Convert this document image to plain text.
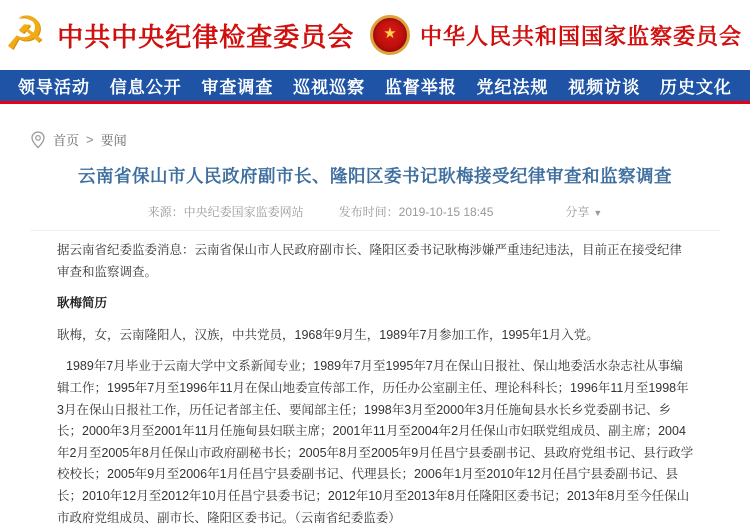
☭ 中共中央纪律检查委员会 ★ 中华人民共和国国家监察委员会
领导活动 信息公开 审查调查 巡视巡察 监督举报 党纪法规 视频访谈 历史文化
首页 > 要闻
云南省保山市人民政府副市长、隆阳区委书记耿梅接受纪律审查和监察调查
来源：中央纪委国家监委网站	发布时间：2019-10-15 18:45	分享 ▼

据云南省纪委监委消息：云南省保山市人民政府副市长、隆阳区委书记耿梅涉嫌严重违纪违法，目前正在接受纪律审查和监察调查。

耿梅简历

耿梅，女，云南隆阳人，汉族，中共党员，1968年9月生，1989年7月参加工作，1995年1月入党。

1989年7月毕业于云南大学中文系新闻专业；1989年7月至1995年7月在保山日报社、保山地委活水杂志社从事编辑工作；1995年7月至1996年11月在保山地委宣传部工作，历任办公室副主任、理论科科长；1996年11月至1998年3月在保山日报社工作，历任记者部主任、要闻部主任；1998年3月至2000年3月任施甸县水长乡党委副书记、乡长；2000年3月至2001年11月任施甸县妇联主席；2001年11月至2004年2月任保山市妇联党组成员、副主席；2004年2月至2005年8月任保山市政府副秘书长；2005年8月至2005年9月任昌宁县委副书记、县政府党组书记、县行政学校校长；2005年9月至2006年1月任昌宁县委副书记、代理县长；2006年1月至2010年12月任昌宁县委副书记、县长；2010年12月至2012年10月任昌宁县委书记；2012年10月至2013年8月任隆阳区委书记；2013年8月至今任保山市政府党组成员、副市长、隆阳区委书记。（云南省纪委监委）
